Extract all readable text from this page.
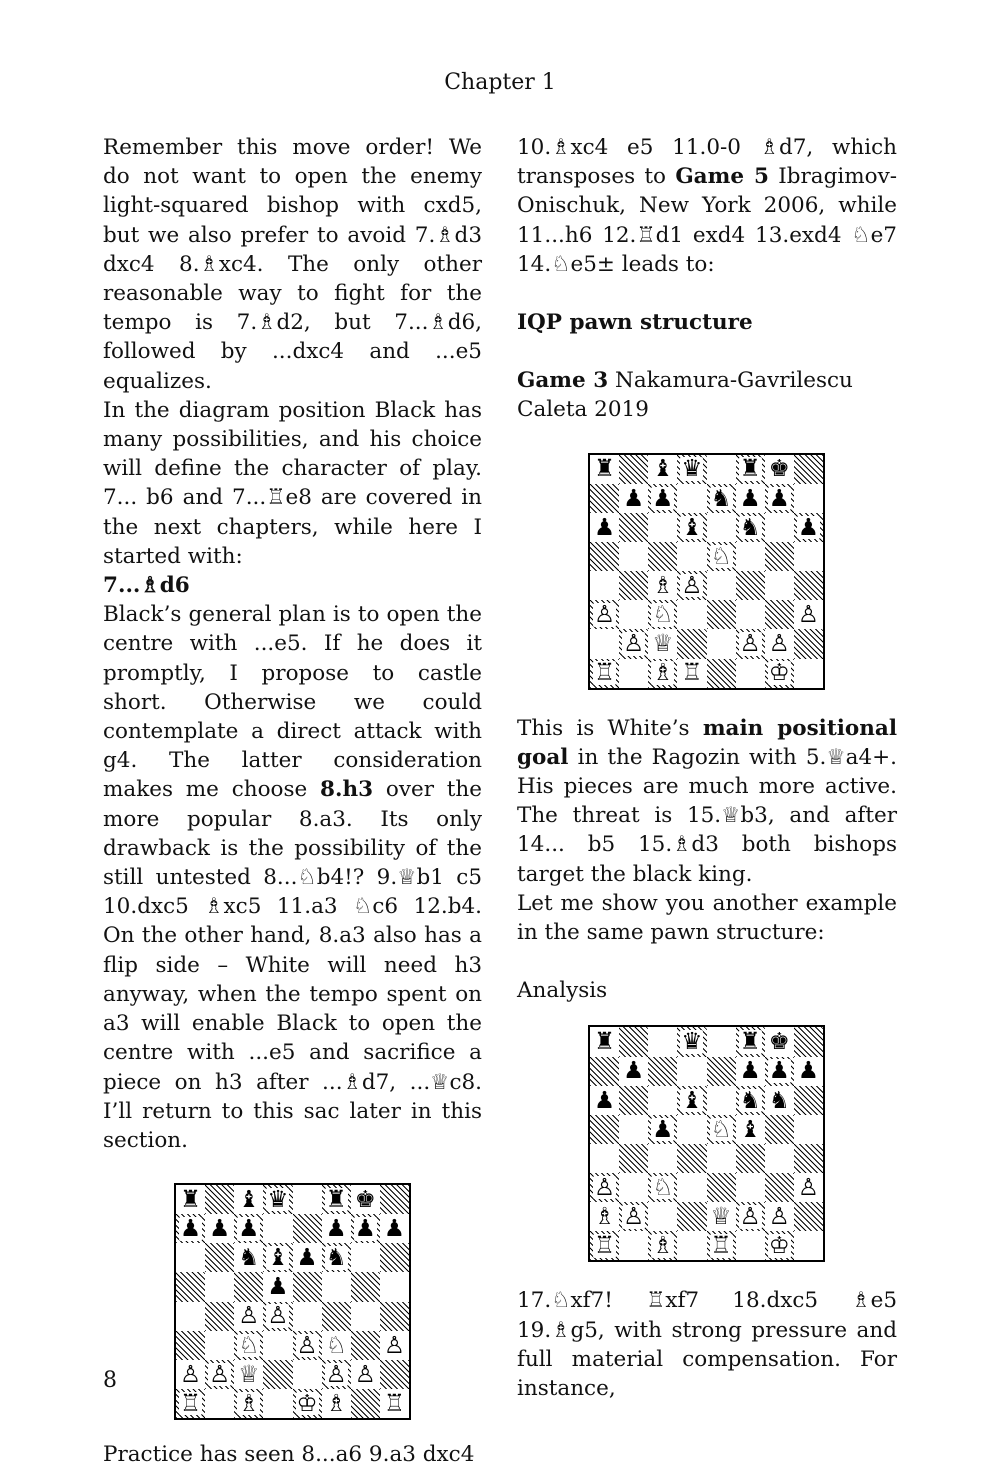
Chapter 1

Remember this move order! We do not want to open the enemy light-squared bishop with cxd5, but we also prefer to avoid 7.♗d3 dxc4 8.♗xc4. The only other reasonable way to fight for the tempo is 7.♗d2, but 7...♗d6, followed by ...dxc4 and ...e5 equalizes.

In the diagram position Black has many possibilities, and his choice will define the character of play. 7... b6 and 7...♖e8 are covered in the next chapters, while here I started with:

7...♗d6

Black’s general plan is to open the centre with ...e5. If he does it promptly, I propose to castle short. Otherwise we could contemplate a direct attack with g4. The latter consideration makes me choose 8.h3 over the more popular 8.a3. Its only drawback is the possibility of the still untested 8...♘b4!? 9.♕b1 c5 10.dxc5 ♗xc5 11.a3 ♘c6 12.b4. On the other hand, 8.a3 also has a flip side – White will need h3 anyway, when the tempo spent on a3 will enable Black to open the centre with ...e5 and sacrifice a piece on h3 after ...♗d7, ...♕c8. I’ll return to this sac later in this section.

♜ ♝ ♛ ♜ ♚
♟ ♟ ♟	♟ ♟ ♟
♞ ♝ ♟ ♞
♟
♙ ♙
♘ ♙ ♘ ♙
♙ ♙ ♕	♙ ♙
♖ ♗ ♔ ♗ ♖

Practice has seen 8...a6 9.a3 dxc4

10.♗xc4 e5 11.0-0 ♗d7, which transposes to Game 5 Ibragimov-Onischuk, New York 2006, while 11...h6 12.♖d1 exd4 13.exd4 ♘e7 14.♘e5± leads to:

IQP pawn structure

Game 3 Nakamura-Gavrilescu

Caleta 2019

♜ ♝ ♛ ♜ ♚
♟ ♟ ♞ ♟ ♟
♟	♝ ♞ ♟
♘
♗ ♙
♙ ♘	♙
♙ ♕	♙ ♙
♖ ♗ ♖	♔

This is White’s main positional goal in the Ragozin with 5.♕a4+. His pieces are much more active. The threat is 15.♕b3, and after 14... b5 15.♗d3 both bishops target the black king.

Let me show you another example in the same pawn structure:

Analysis

♜	♛ ♜ ♚
♟	♟ ♟ ♟
♟	♝ ♞ ♞
♟ ♘ ♝
♙ ♘	♙
♗ ♙	♕ ♙ ♙
♖ ♗ ♖ ♔

17.♘xf7! ♖xf7 18.dxc5 ♗e5 19.♗g5, with strong pressure and full material compensation. For instance,

8
